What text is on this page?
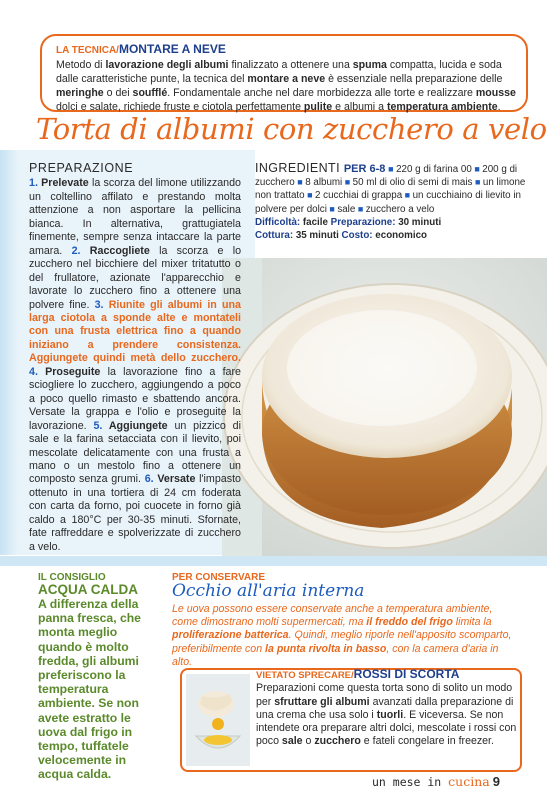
LA TECNICA/MONTARE A NEVE
Metodo di lavorazione degli albumi finalizzato a ottenere una spuma compatta, lucida e soda dalle caratteristiche punte, la tecnica del montare a neve è essenziale nella preparazione delle meringhe o dei soufflé. Fondamentale anche nel dare morbidezza alle torte e realizzare mousse dolci e salate, richiede fruste e ciotola perfettamente pulite e albumi a temperatura ambiente.
Torta di albumi con zucchero a velo
PREPARAZIONE
1. Prelevate la scorza del limone utilizzando un coltellino affilato e prestando molta attenzione a non asportare la pellicina bianca. In alternativa, grattugiatela finemente, sempre senza intaccare la parte amara. 2. Raccogliete la scorza e lo zucchero nel bicchiere del mixer tritatutto o del frullatore, azionate l'apparecchio e lavorate lo zucchero fino a ottenere una polvere fine. 3. Riunite gli albumi in una larga ciotola a sponde alte e montateli con una frusta elettrica fino a quando iniziano a prendere consistenza. Aggiungete quindi metà dello zucchero. 4. Proseguite la lavorazione fino a fare sciogliere lo zucchero, aggiungendo a poco a poco quello rimasto e sbattendo ancora. Versate la grappa e l'olio e proseguite la lavorazione. 5. Aggiungete un pizzico di sale e la farina setacciata con il lievito, poi mescolate delicatamente con una frusta a mano o un mestolo fino a ottenere un composto senza grumi. 6. Versate l'impasto ottenuto in una tortiera di 24 cm foderata con carta da forno, poi cuocete in forno già caldo a 180°C per 30-35 minuti. Sfornate, fate raffreddare e spolverizzate di zucchero a velo.
INGREDIENTI PER 6-8 ■ 220 g di farina 00 ■ 200 g di zucchero ■ 8 albumi ■ 50 ml di olio di semi di mais ■ un limone non trattato ■ 2 cucchiai di grappa ■ un cucchiaino di lievito in polvere per dolci ■ sale ■ zucchero a velo
Difficoltà: facile Preparazione: 30 minuti
Cottura: 35 minuti Costo: economico
IL CONSIGLIO
ACQUA CALDA
A differenza della panna fresca, che monta meglio quando è molto fredda, gli albumi preferiscono la temperatura ambiente. Se non avete estratto le uova dal frigo in tempo, tuffatele velocemente in acqua calda.
PER CONSERVARE
Occhio all'aria interna
Le uova possono essere conservate anche a temperatura ambiente, come dimostrano molti supermercati, ma il freddo del frigo limita la proliferazione batterica. Quindi, meglio riporle nell'apposito scomparto, preferibilmente con la punta rivolta in basso, con la camera d'aria in alto.
VIETATO SPRECARE/ROSSI DI SCORTA
Preparazioni come questa torta sono di solito un modo per sfruttare gli albumi avanzati dalla preparazione di una crema che usa solo i tuorli. E viceversa. Se non intendete ora preparare altri dolci, mescolate i rossi con poco sale o zucchero e fateli congelare in freezer.
un mese in cucina 9
